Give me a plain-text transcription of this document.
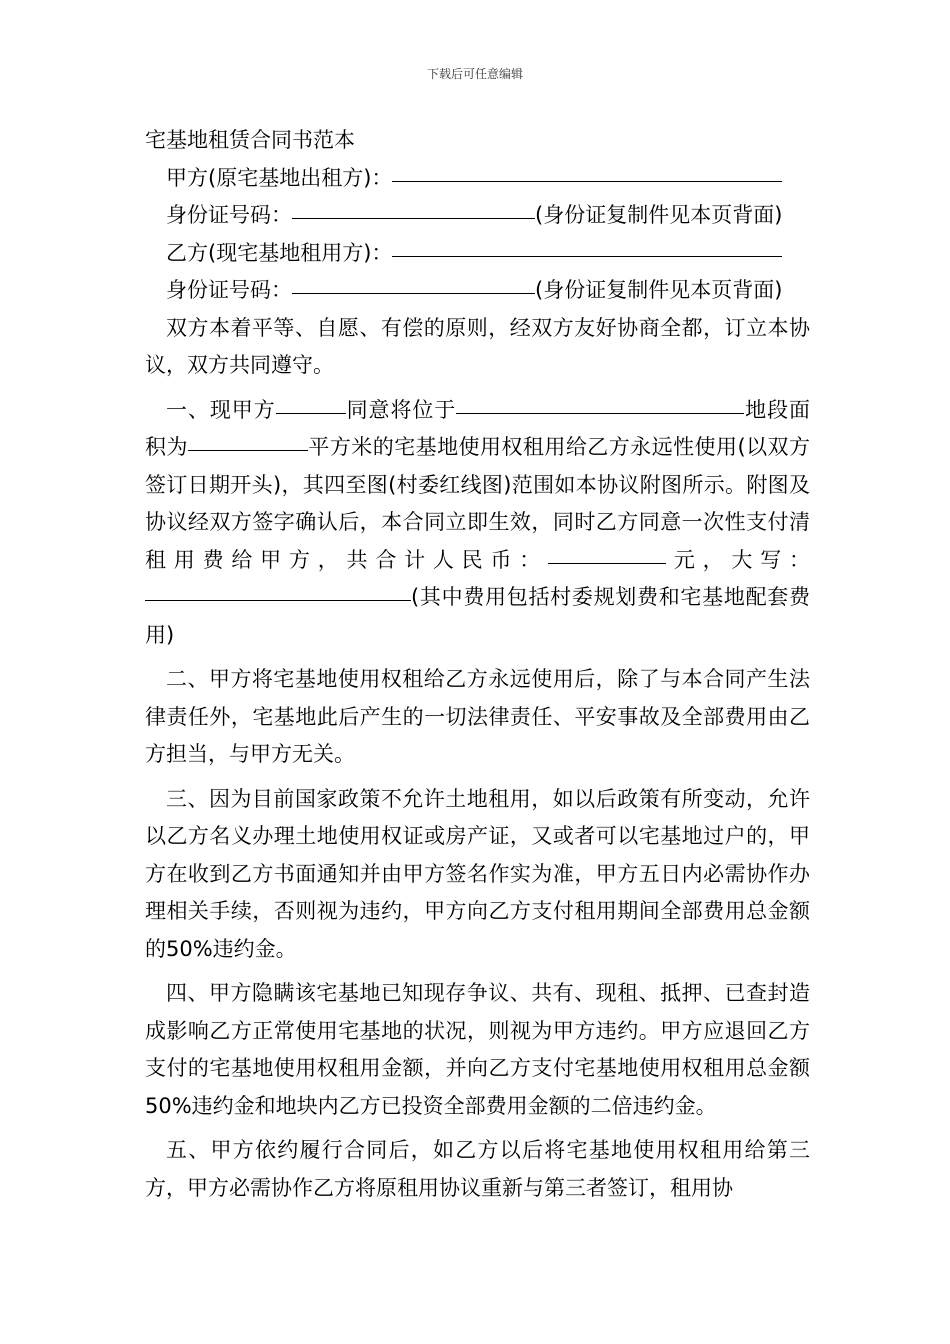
下载后可任意编辑

宅基地租赁合同书范本

甲方(原宅基地出租方)：

身份证号码：	(身份证复制件见本页背面)

乙方(现宅基地租用方)：

身份证号码：	(身份证复制件见本页背面)

双方本着平等、自愿、有偿的原则，经双方友好协商全都，订立本协议，双方共同遵守。

一、现甲方	同意将位于	地段面积为	平方米的宅基地使用权租用给乙方永远性使用(以双方签订日期开头)，其四至图(村委红线图)范围如本协议附图所示。附图及协议经双方签字确认后，本合同立即生效，同时乙方同意一次性支付清租用费给甲方，共合计人民币：	元，大写：(其中费用包括村委规划费和宅基地配套费用)

二、甲方将宅基地使用权租给乙方永远使用后，除了与本合同产生法律责任外，宅基地此后产生的一切法律责任、平安事故及全部费用由乙方担当，与甲方无关。

三、因为目前国家政策不允许土地租用，如以后政策有所变动，允许以乙方名义办理土地使用权证或房产证，又或者可以宅基地过户的，甲方在收到乙方书面通知并由甲方签名作实为准，甲方五日内必需协作办理相关手续，否则视为违约，甲方向乙方支付租用期间全部费用总金额的50%违约金。

四、甲方隐瞒该宅基地已知现存争议、共有、现租、抵押、已查封造成影响乙方正常使用宅基地的状况，则视为甲方违约。甲方应退回乙方支付的宅基地使用权租用金额，并向乙方支付宅基地使用权租用总金额50%违约金和地块内乙方已投资全部费用金额的二倍违约金。

五、甲方依约履行合同后，如乙方以后将宅基地使用权租用给第三方，甲方必需协作乙方将原租用协议重新与第三者签订，租用协
